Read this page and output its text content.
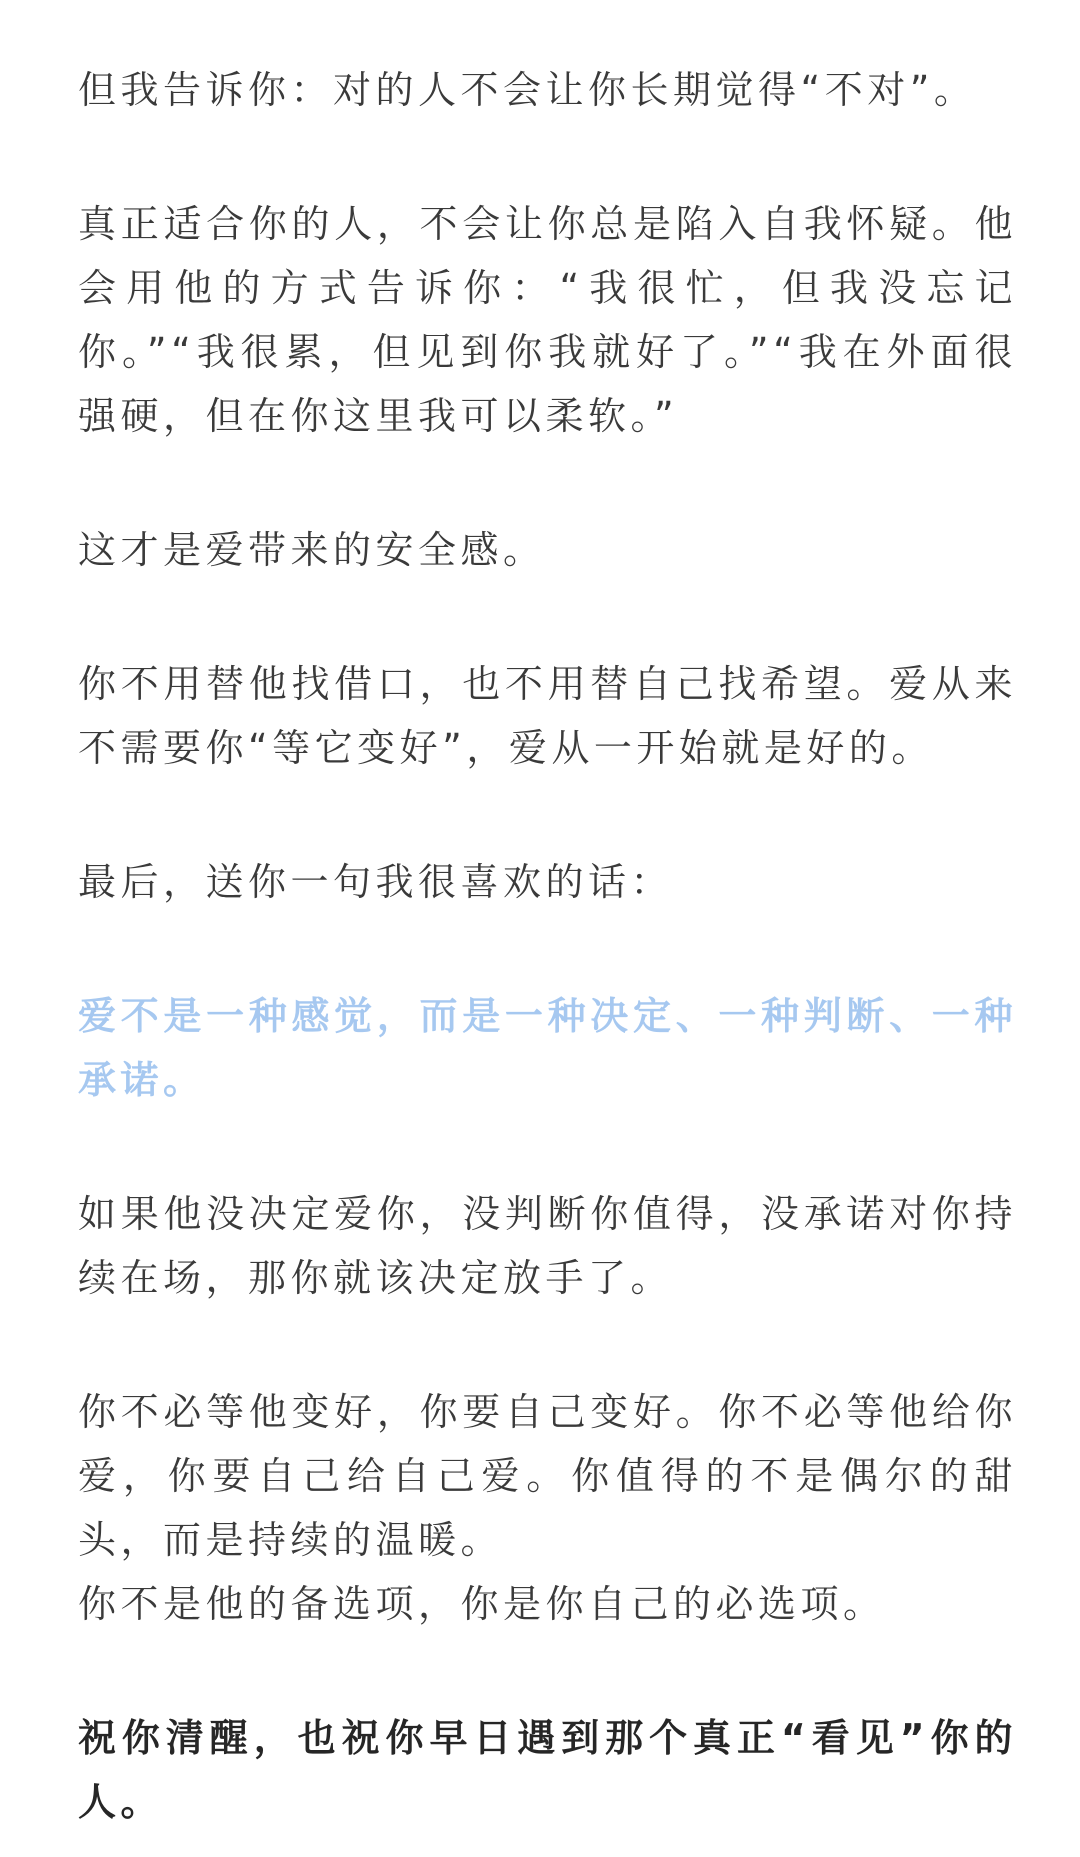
但我告诉你：对的人不会让你长期觉得“不对”。

真正适合你的人，不会让你总是陷入自我怀疑。他会用他的方式告诉你：“我很忙，但我没忘记你。”“我很累，但见到你我就好了。”“我在外面很强硬，但在你这里我可以柔软。”

这才是爱带来的安全感。

你不用替他找借口，也不用替自己找希望。爱从来不需要你“等它变好”，爱从一开始就是好的。

最后，送你一句我很喜欢的话：

爱不是一种感觉，而是一种决定、一种判断、一种承诺。

如果他没决定爱你，没判断你值得，没承诺对你持续在场，那你就该决定放手了。

你不必等他变好，你要自己变好。你不必等他给你爱，你要自己给自己爱。你值得的不是偶尔的甜头，而是持续的温暖。

你不是他的备选项，你是你自己的必选项。

祝你清醒，也祝你早日遇到那个真正“看见”你的人。
